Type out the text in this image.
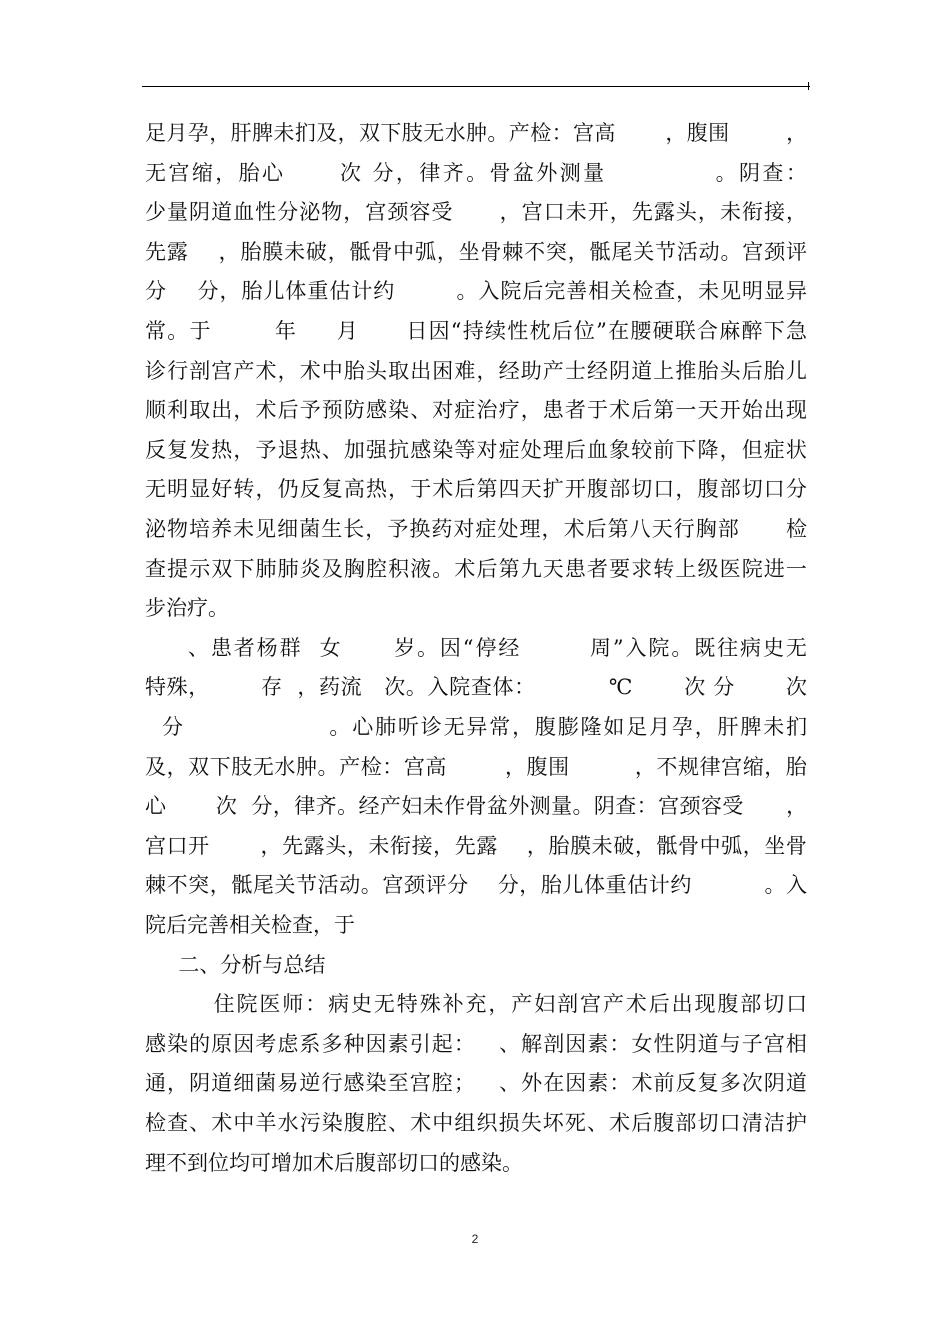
足月孕，肝脾未扪及，双下肢无水肿。产检：宫高       ，腹围        ，
无宫缩，胎心      次 分，律齐。骨盆外测量            。阴查：
少量阴道血性分泌物，宫颈容受      ，宫口未开，先露头，未衔接，
先露    ，胎膜未破，骶骨中弧，坐骨棘不突，骶尾关节活动。宫颈评
分    分，胎儿体重估计约        。入院后完善相关检查，未见明显异
常。于        年     月      日因“持续性枕后位”在腰硬联合麻醉下急
诊行剖宫产术，术中胎头取出困难，经助产士经阴道上推胎头后胎儿
顺利取出，术后予预防感染、对症治疗，患者于术后第一天开始出现
反复发热，予退热、加强抗感染等对症处理后血象较前下降，但症状
无明显好转，仍反复高热，于术后第四天扩开腹部切口，腹部切口分
泌物培养未见细菌生长，予换药对症处理，术后第八天行胸部      检
查提示双下肺肺炎及胸腔积液。术后第九天患者要求转上级医院进一
步治疗。
、患者杨群  女      岁。因“停经        周”入院。既往病史无
特殊，       存  ，药流   次。入院查体：          ℃       次 分       次
分                 。心肺听诊无异常，腹膨隆如足月孕，肝脾未扪
及，双下肢无水肿。产检：宫高        ，腹围         ，不规律宫缩，胎
心       次  分，律齐。经产妇未作骨盆外测量。阴查：宫颈容受      ，
宫口开       ，先露头，未衔接，先露    ，胎膜未破，骶骨中弧，坐骨
棘不突，骶尾关节活动。宫颈评分    分，胎儿体重估计约          。入
院后完善相关检查，于
二、分析与总结
住院医师：病史无特殊补充，产妇剖宫产术后出现腹部切口
感染的原因考虑系多种因素引起：   、解剖因素：女性阴道与子宫相
通，阴道细菌易逆行感染至宫腔；   、外在因素：术前反复多次阴道
检查、术中羊水污染腹腔、术中组织损失坏死、术后腹部切口清洁护
理不到位均可增加术后腹部切口的感染。
2
